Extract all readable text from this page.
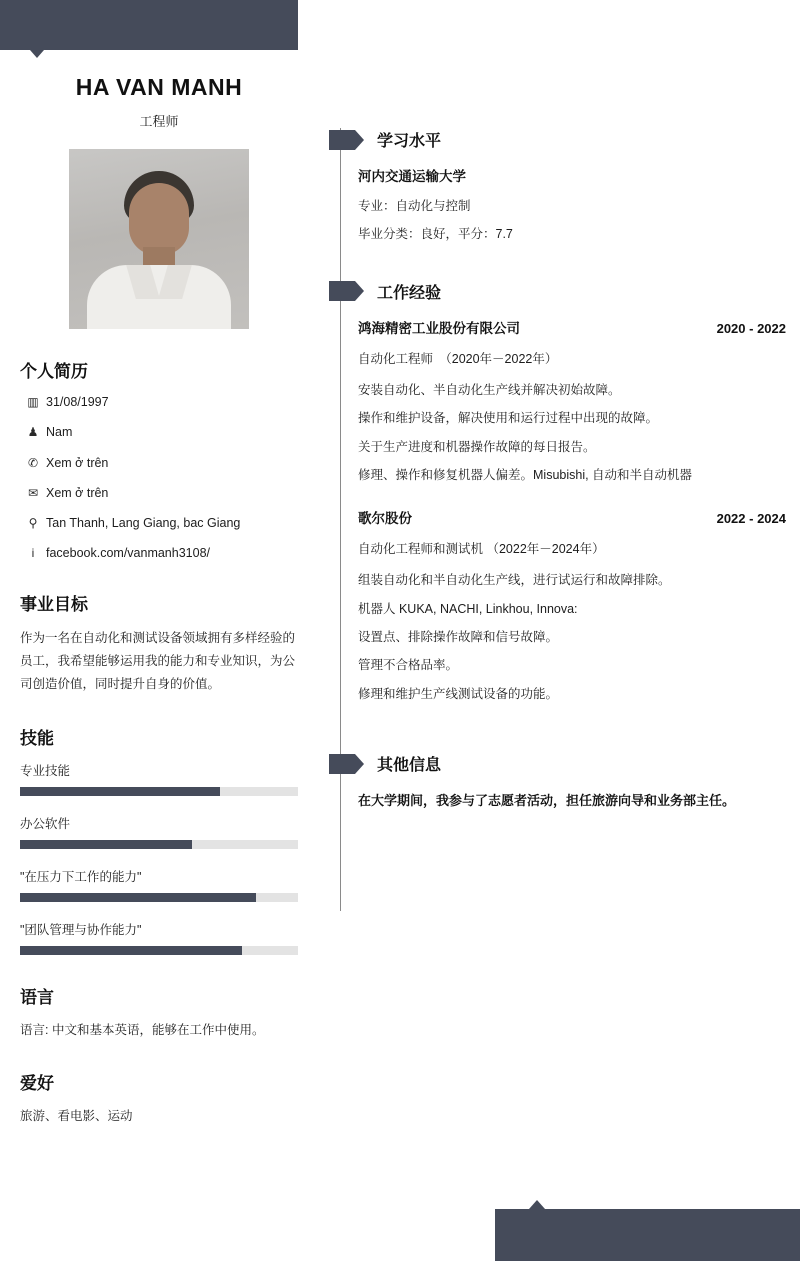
HA VAN MANH
工程师
个人简历
▥ 31/08/1997
♟ Nam
✆ Xem ở trên
✉ Xem ở trên
⚲ Tan Thanh, Lang Giang, bac Giang
i facebook.com/vanmanh3108/
事业目标

作为一名在自动化和测试设备领域拥有多样经验的员工，我希望能够运用我的能力和专业知识，为公司创造价值，同时提升自身的价值。

技能
专业技能
办公软件
"在压力下工作的能力"
"团队管理与协作能力"
语言
语言: 中文和基本英语，能够在工作中使用。
爱好
旅游、看电影、运动
学习水平
河内交通运输大学
专业：自动化与控制
毕业分类：良好，平分：7.7
工作经验
鸿海精密工业股份有限公司	2020 - 2022
自动化工程师　（2020年－2022年）
安装自动化、半自动化生产线并解决初始故障。
操作和维护设备，解决使用和运行过程中出现的故障。
关于生产进度和机器操作故障的每日报告。
修理、操作和修复机器人偏差。Misubishi, 自动和半自动机器
歌尔股份	2022 - 2024
自动化工程师和测试机 （2022年－2024年）
组装自动化和半自动化生产线，进行试运行和故障排除。
机器人 KUKA, NACHI, Linkhou, Innova:
设置点、排除操作故障和信号故障。
管理不合格品率。
修理和维护生产线测试设备的功能。
其他信息
在大学期间，我参与了志愿者活动，担任旅游向导和业务部主任。
